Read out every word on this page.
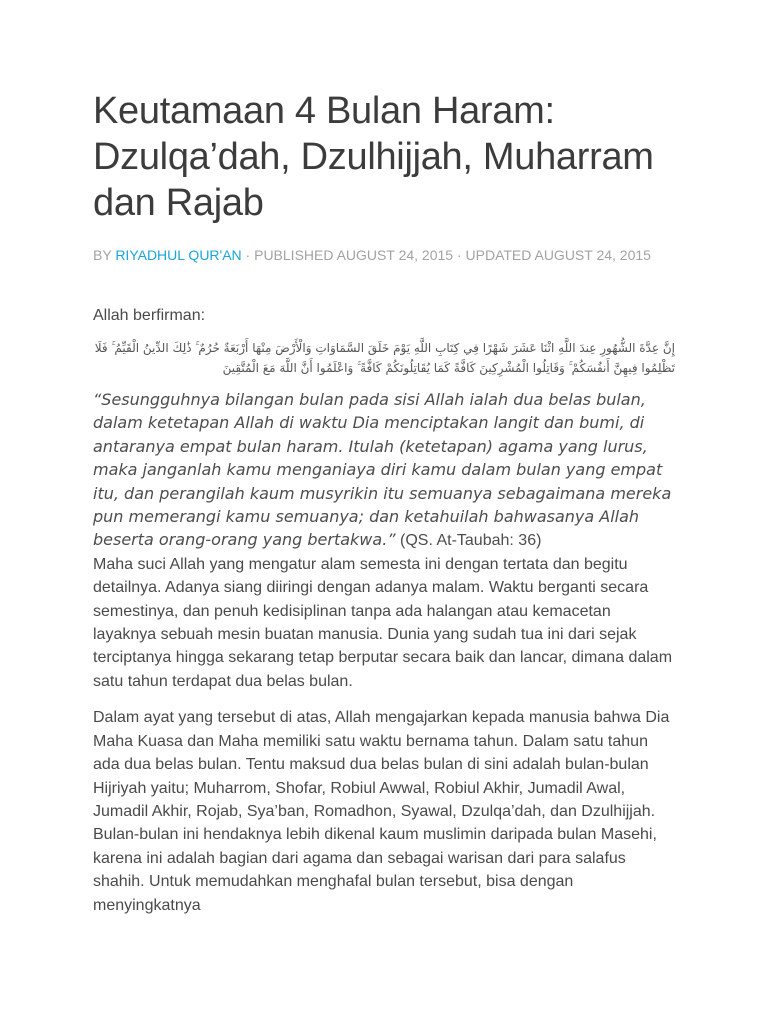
Keutamaan 4 Bulan Haram: Dzulqa’dah, Dzulhijjah, Muharram dan Rajab
BY RIYADHUL QUR'AN · PUBLISHED AUGUST 24, 2015 · UPDATED AUGUST 24, 2015
Allah berfirman:
إِنَّ عِدَّةَ الشُّهُورِ عِندَ اللَّهِ اثْنَا عَشَرَ شَهْرًا فِي كِتَابِ اللَّهِ يَوْمَ خَلَقَ السَّمَاوَاتِ وَالْأَرْضَ مِنْهَا أَرْبَعَةٌ حُرُمٌ ۚ ذَٰلِكَ الدِّينُ الْقَيِّمُ ۚ فَلَا تَظْلِمُوا فِيهِنَّ أَنفُسَكُمْ ۚ وَقَاتِلُوا الْمُشْرِكِينَ كَافَّةً كَمَا يُقَاتِلُونَكُمْ كَافَّةً ۚ وَاعْلَمُوا أَنَّ اللَّهَ مَعَ الْمُتَّقِينَ
“Sesungguhnya bilangan bulan pada sisi Allah ialah dua belas bulan, dalam ketetapan Allah di waktu Dia menciptakan langit dan bumi, di antaranya empat bulan haram. Itulah (ketetapan) agama yang lurus, maka janganlah kamu menganiaya diri kamu dalam bulan yang empat itu, dan perangilah kaum musyrikin itu semuanya sebagaimana mereka pun memerangi kamu semuanya; dan ketahuilah bahwasanya Allah beserta orang-orang yang bertakwa.” (QS. At-Taubah: 36)

Maha suci Allah yang mengatur alam semesta ini dengan tertata dan begitu detailnya. Adanya siang diiringi dengan adanya malam. Waktu berganti secara semestinya, dan penuh kedisiplinan tanpa ada halangan atau kemacetan layaknya sebuah mesin buatan manusia. Dunia yang sudah tua ini dari sejak terciptanya hingga sekarang tetap berputar secara baik dan lancar, dimana dalam satu tahun terdapat dua belas bulan.

Dalam ayat yang tersebut di atas, Allah mengajarkan kepada manusia bahwa Dia Maha Kuasa dan Maha memiliki satu waktu bernama tahun. Dalam satu tahun ada dua belas bulan. Tentu maksud dua belas bulan di sini adalah bulan-bulan Hijriyah yaitu; Muharrom, Shofar, Robiul Awwal, Robiul Akhir, Jumadil Awal, Jumadil Akhir, Rojab, Sya’ban, Romadhon, Syawal, Dzulqa’dah, dan Dzulhijjah. Bulan-bulan ini hendaknya lebih dikenal kaum muslimin daripada bulan Masehi, karena ini adalah bagian dari agama dan sebagai warisan dari para salafus shahih. Untuk memudahkan menghafal bulan tersebut, bisa dengan menyingkatnya
